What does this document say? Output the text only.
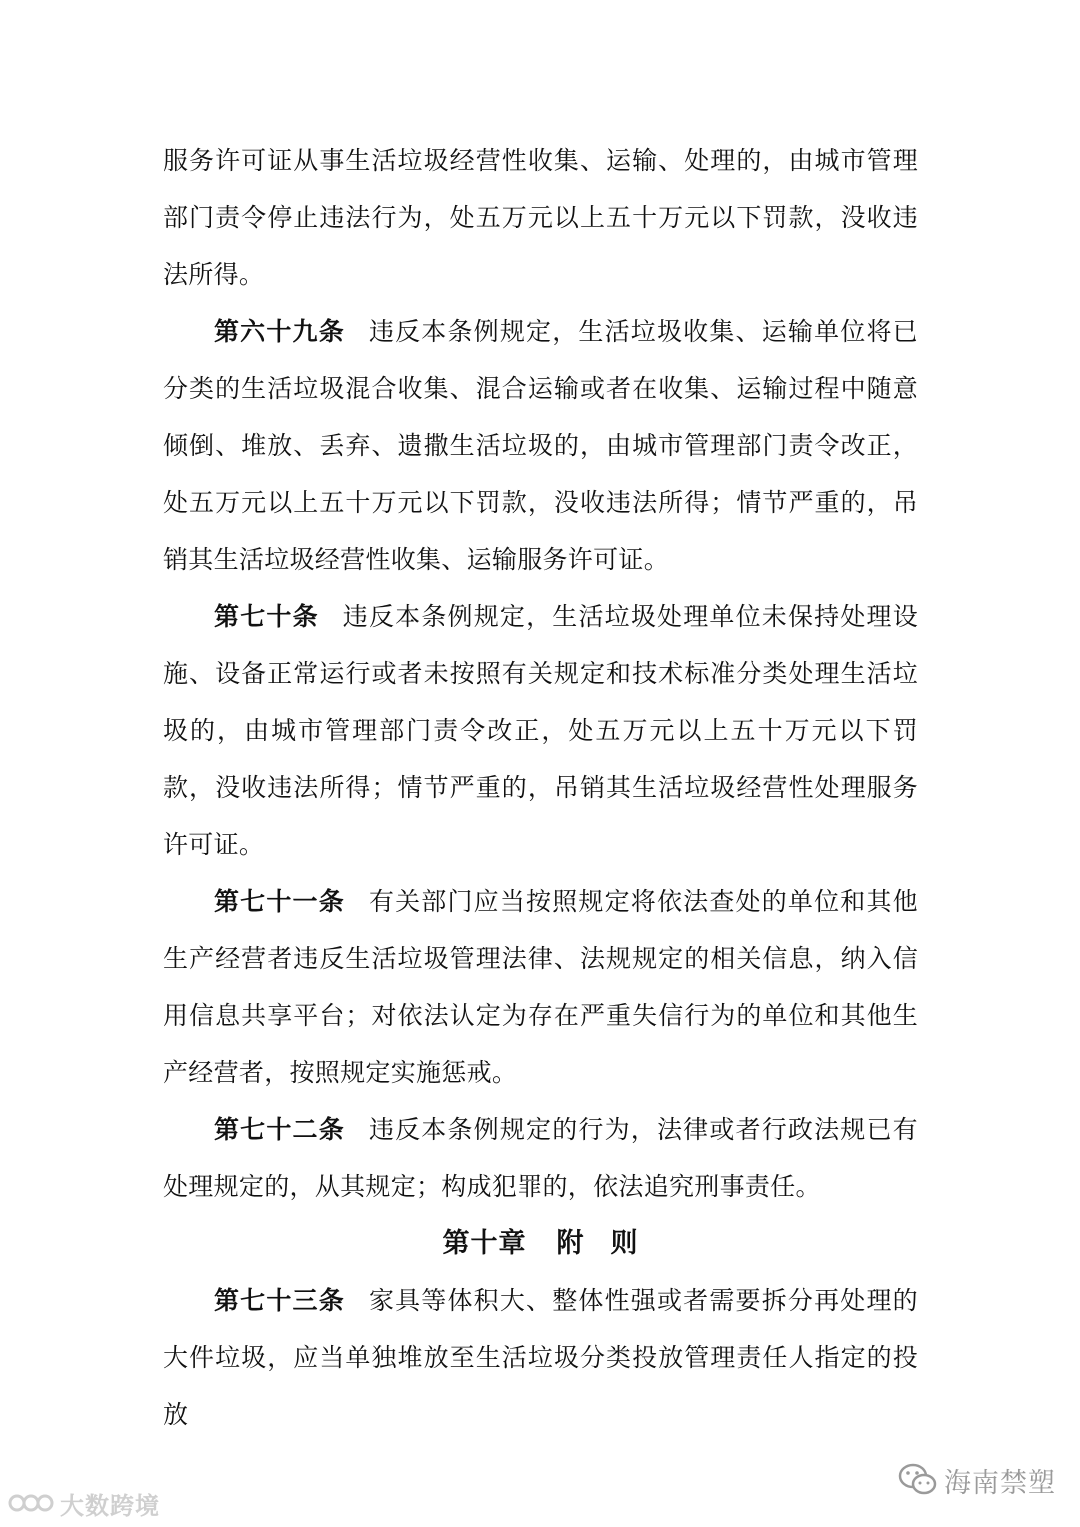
服务许可证从事生活垃圾经营性收集、运输、处理的，由城市管理部门责令停止违法行为，处五万元以上五十万元以下罚款，没收违法所得。

第六十九条 违反本条例规定，生活垃圾收集、运输单位将已分类的生活垃圾混合收集、混合运输或者在收集、运输过程中随意倾倒、堆放、丢弃、遗撒生活垃圾的，由城市管理部门责令改正，处五万元以上五十万元以下罚款，没收违法所得；情节严重的，吊销其生活垃圾经营性收集、运输服务许可证。

第七十条 违反本条例规定，生活垃圾处理单位未保持处理设施、设备正常运行或者未按照有关规定和技术标准分类处理生活垃圾的，由城市管理部门责令改正，处五万元以上五十万元以下罚款，没收违法所得；情节严重的，吊销其生活垃圾经营性处理服务许可证。

第七十一条 有关部门应当按照规定将依法查处的单位和其他生产经营者违反生活垃圾管理法律、法规规定的相关信息，纳入信用信息共享平台；对依法认定为存在严重失信行为的单位和其他生产经营者，按照规定实施惩戒。

第七十二条 违反本条例规定的行为，法律或者行政法规已有处理规定的，从其规定；构成犯罪的，依法追究刑事责任。

第十章 附 则

第七十三条 家具等体积大、整体性强或者需要拆分再处理的大件垃圾，应当单独堆放至生活垃圾分类投放管理责任人指定的投放

大数跨境
海南禁塑
